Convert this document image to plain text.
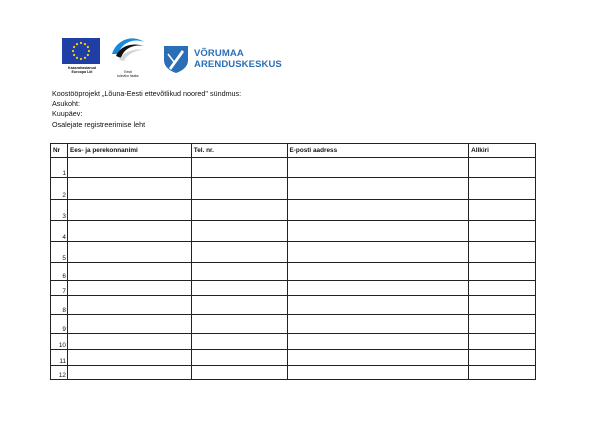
Kaasrahastanud
Euroopa Liit	Eesti
tuleviku heaks
VÕRUMAA
ARENDUSKESKUS
Koostööprojekt „Lõuna-Eesti ettevõtlikud noored" sündmus:
Asukoht:
Kuupäev:
Osalejate registreerimise leht
Nr	Ees- ja perekonnanimi	Tel. nr.	E-posti aadress	Allkiri
1				
2				
3				
4				
5				
6				
7				
8				
9				
10				
11				
12				
